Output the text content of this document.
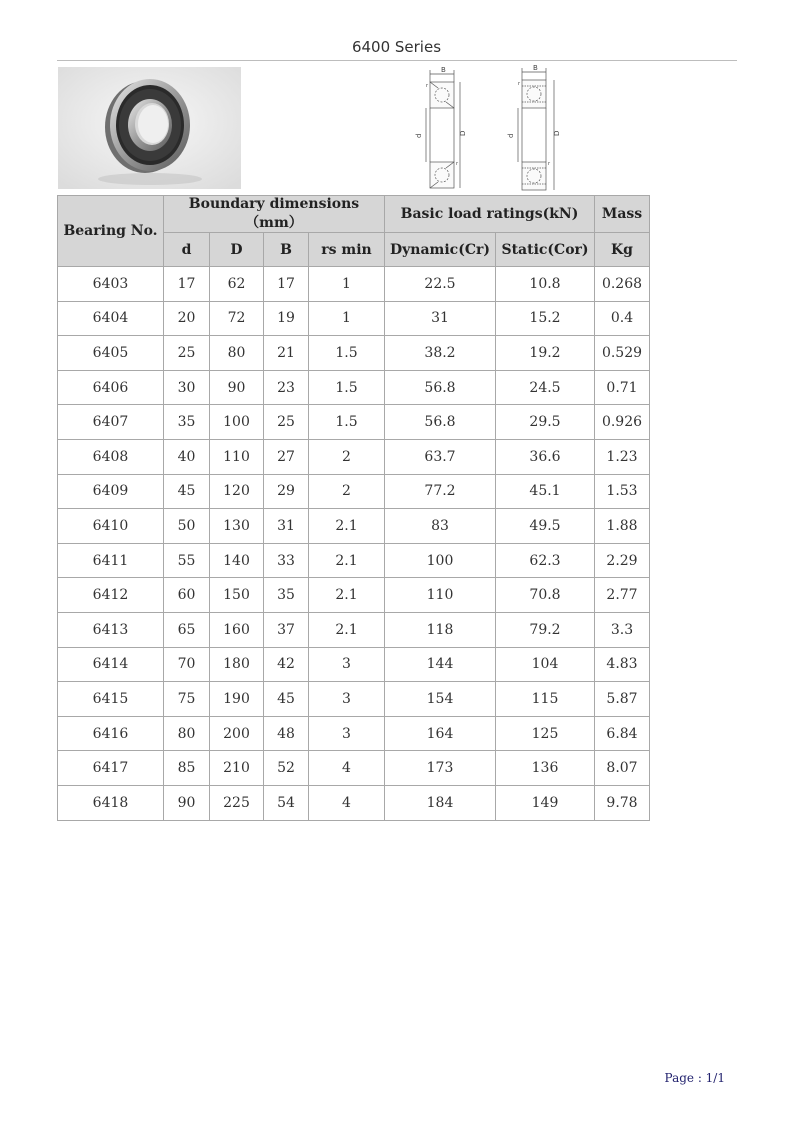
6400 Series
B
d	D
r
r
B
d	D
r
r
Bearing No.	Boundary dimensions（mm）				Basic load ratings(kN)		Mass
	d	D	B	rs min	Dynamic(Cr)	Static(Cor)	Kg
6403	17	62	17	1	22.5	10.8	0.268
6404	20	72	19	1	31	15.2	0.4
6405	25	80	21	1.5	38.2	19.2	0.529
6406	30	90	23	1.5	56.8	24.5	0.71
6407	35	100	25	1.5	56.8	29.5	0.926
6408	40	110	27	2	63.7	36.6	1.23
6409	45	120	29	2	77.2	45.1	1.53
6410	50	130	31	2.1	83	49.5	1.88
6411	55	140	33	2.1	100	62.3	2.29
6412	60	150	35	2.1	110	70.8	2.77
6413	65	160	37	2.1	118	79.2	3.3
6414	70	180	42	3	144	104	4.83
6415	75	190	45	3	154	115	5.87
6416	80	200	48	3	164	125	6.84
6417	85	210	52	4	173	136	8.07
6418	90	225	54	4	184	149	9.78
Page : 1/1
